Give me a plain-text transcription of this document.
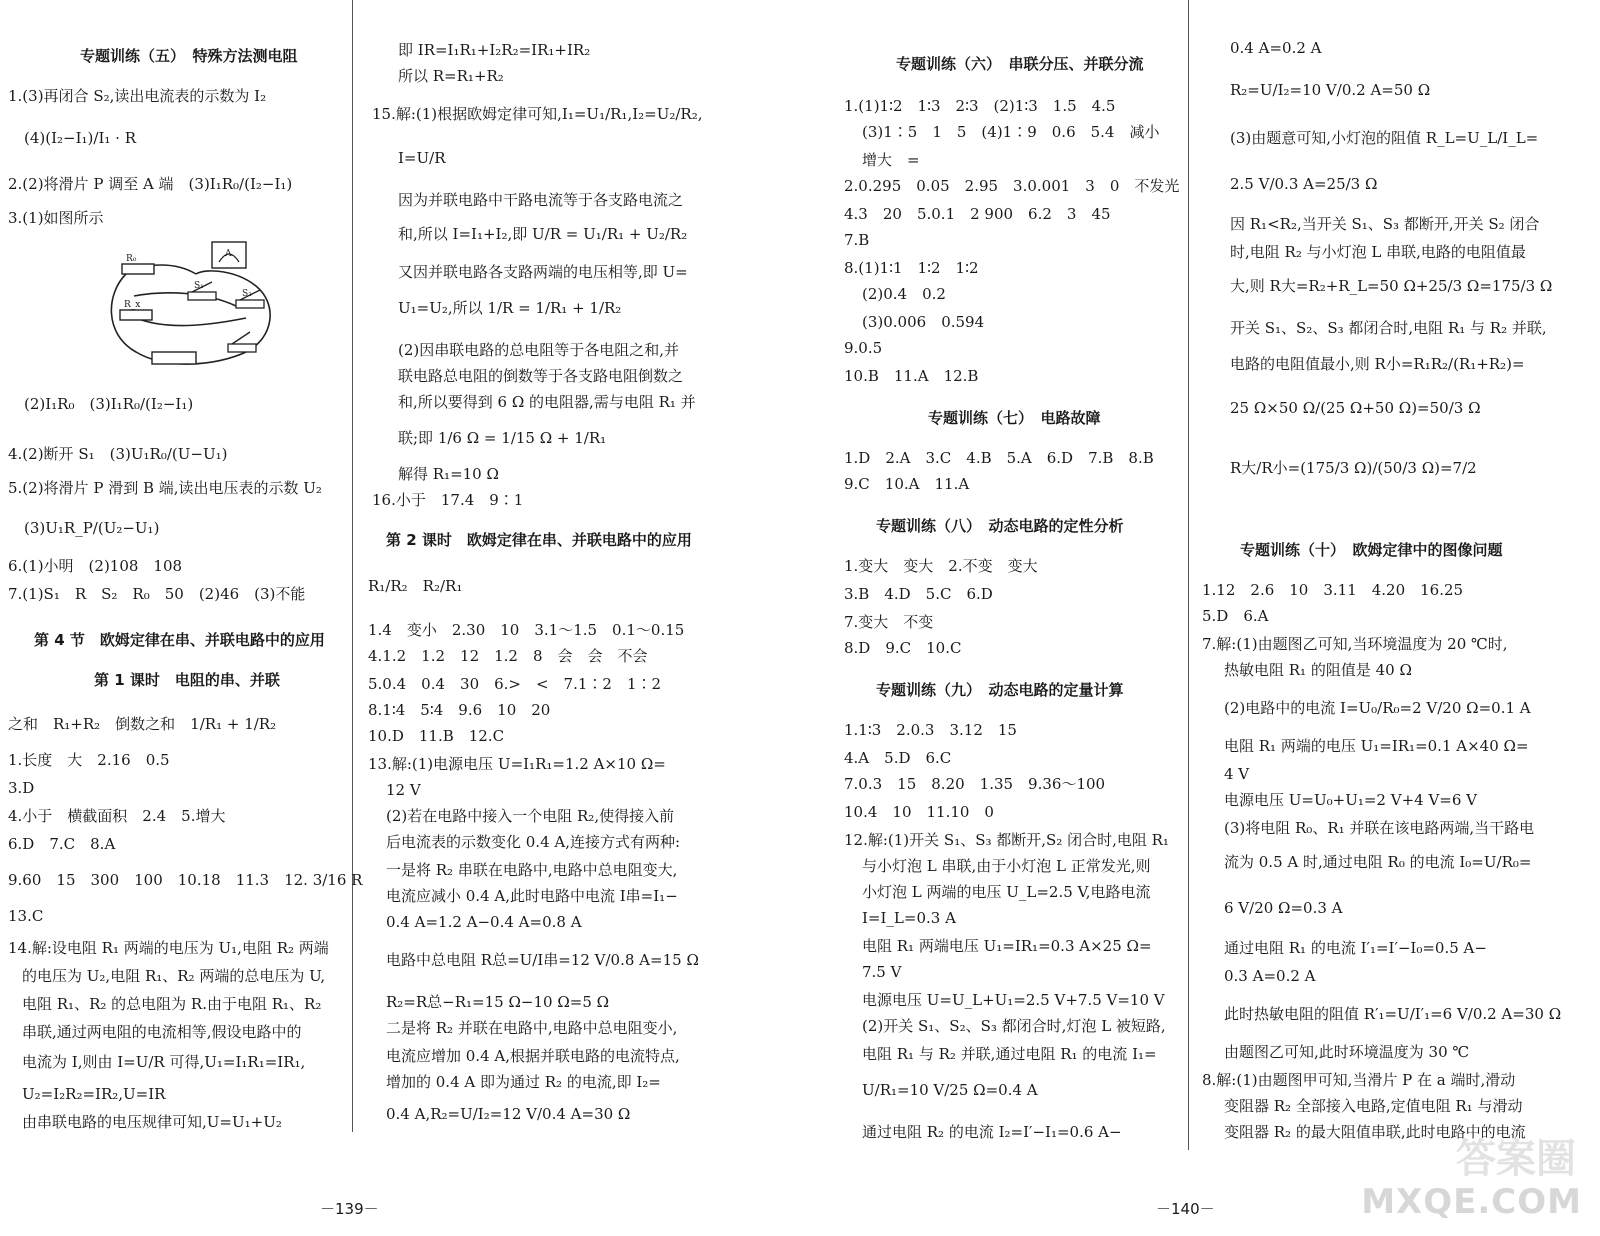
专题训练（五）　特殊方法测电阻
1.(3)再闭合 S₂,读出电流表的示数为 I₂
(4)(I₂−I₁)/I₁ · R
2.(2)将滑片 P 调至 A 端　(3)I₁R₀/(I₂−I₁)
3.(1)如图所示
R₀
R_x
S₁
S₂
A
(2)I₁R₀　(3)I₁R₀/(I₂−I₁)
4.(2)断开 S₁　(3)U₁R₀/(U−U₁)
5.(2)将滑片 P 滑到 B 端,读出电压表的示数 U₂
(3)U₁R_P/(U₂−U₁)
6.(1)小明　(2)108　108
7.(1)S₁　R　S₂　R₀　50　(2)46　(3)不能
第 4 节　欧姆定律在串、并联电路中的应用
第 1 课时　电阻的串、并联
之和　R₁+R₂　倒数之和　1/R₁ + 1/R₂
1.长度　大　2.16　0.5
3.D
4.小于　横截面积　2.4　5.增大
6.D　7.C　8.A
9.60　15　300　100　10.18　11.3　12. 3/16 R
13.C
14.解:设电阻 R₁ 两端的电压为 U₁,电阻 R₂ 两端
的电压为 U₂,电阻 R₁、R₂ 两端的总电压为 U,
电阻 R₁、R₂ 的总电阻为 R.由于电阻 R₁、R₂
串联,通过两电阻的电流相等,假设电路中的
电流为 I,则由 I=U/R 可得,U₁=I₁R₁=IR₁,
U₂=I₂R₂=IR₂,U=IR
由串联电路的电压规律可知,U=U₁+U₂
即 IR=I₁R₁+I₂R₂=IR₁+IR₂
所以 R=R₁+R₂
15.解:(1)根据欧姆定律可知,I₁=U₁/R₁,I₂=U₂/R₂,
I=U/R
因为并联电路中干路电流等于各支路电流之
和,所以 I=I₁+I₂,即 U/R = U₁/R₁ + U₂/R₂
又因并联电路各支路两端的电压相等,即 U=
U₁=U₂,所以 1/R = 1/R₁ + 1/R₂
(2)因串联电路的总电阻等于各电阻之和,并
联电路总电阻的倒数等于各支路电阻倒数之
和,所以要得到 6 Ω 的电阻器,需与电阻 R₁ 并
联;即 1/6 Ω = 1/15 Ω + 1/R₁
解得 R₁=10 Ω
16.小于　17.4　9∶1
第 2 课时　欧姆定律在串、并联电路中的应用
R₁/R₂　R₂/R₁
1.4　变小　2.30　10　3.1～1.5　0.1～0.15
4.1.2　1.2　12　1.2　8　会　会　不会
5.0.4　0.4　30　6.>　<　7.1∶2　1∶2
8.1∶4　5∶4　9.6　10　20
10.D　11.B　12.C
13.解:(1)电源电压 U=I₁R₁=1.2 A×10 Ω=
12 V
(2)若在电路中接入一个电阻 R₂,使得接入前
后电流表的示数变化 0.4 A,连接方式有两种:
一是将 R₂ 串联在电路中,电路中总电阻变大,
电流应减小 0.4 A,此时电路中电流 I串=I₁−
0.4 A=1.2 A−0.4 A=0.8 A
电路中总电阻 R总=U/I串=12 V/0.8 A=15 Ω
R₂=R总−R₁=15 Ω−10 Ω=5 Ω
二是将 R₂ 并联在电路中,电路中总电阻变小,
电流应增加 0.4 A,根据并联电路的电流特点,
增加的 0.4 A 即为通过 R₂ 的电流,即 I₂=
0.4 A,R₂=U/I₂=12 V/0.4 A=30 Ω
专题训练（六）　串联分压、并联分流
1.(1)1∶2　1∶3　2∶3　(2)1∶3　1.5　4.5
(3)1∶5　1　5　(4)1∶9　0.6　5.4　减小
增大　=
2.0.295　0.05　2.95　3.0.001　3　0　不发光
4.3　20　5.0.1　2 900　6.2　3　45
7.B
8.(1)1∶1　1∶2　1∶2
(2)0.4　0.2
(3)0.006　0.594
9.0.5
10.B　11.A　12.B
专题训练（七）　电路故障
1.D　2.A　3.C　4.B　5.A　6.D　7.B　8.B
9.C　10.A　11.A
专题训练（八）　动态电路的定性分析
1.变大　变大　2.不变　变大
3.B　4.D　5.C　6.D
7.变大　不变
8.D　9.C　10.C
专题训练（九）　动态电路的定量计算
1.1∶3　2.0.3　3.12　15
4.A　5.D　6.C
7.0.3　15　8.20　1.35　9.36～100
10.4　10　11.10　0
12.解:(1)开关 S₁、S₃ 都断开,S₂ 闭合时,电阻 R₁
与小灯泡 L 串联,由于小灯泡 L 正常发光,则
小灯泡 L 两端的电压 U_L=2.5 V,电路电流
I=I_L=0.3 A
电阻 R₁ 两端电压 U₁=IR₁=0.3 A×25 Ω=
7.5 V
电源电压 U=U_L+U₁=2.5 V+7.5 V=10 V
(2)开关 S₁、S₂、S₃ 都闭合时,灯泡 L 被短路,
电阻 R₁ 与 R₂ 并联,通过电阻 R₁ 的电流 I₁=
U/R₁=10 V/25 Ω=0.4 A
通过电阻 R₂ 的电流 I₂=I′−I₁=0.6 A−
0.4 A=0.2 A
R₂=U/I₂=10 V/0.2 A=50 Ω
(3)由题意可知,小灯泡的阻值 R_L=U_L/I_L=
2.5 V/0.3 A=25/3 Ω
因 R₁<R₂,当开关 S₁、S₃ 都断开,开关 S₂ 闭合
时,电阻 R₂ 与小灯泡 L 串联,电路的电阻值最
大,则 R大=R₂+R_L=50 Ω+25/3 Ω=175/3 Ω
开关 S₁、S₂、S₃ 都闭合时,电阻 R₁ 与 R₂ 并联,
电路的电阻值最小,则 R小=R₁R₂/(R₁+R₂)=
25 Ω×50 Ω/(25 Ω+50 Ω)=50/3 Ω
R大/R小=(175/3 Ω)/(50/3 Ω)=7/2
专题训练（十）　欧姆定律中的图像问题
1.12　2.6　10　3.11　4.20　16.25
5.D　6.A
7.解:(1)由题图乙可知,当环境温度为 20 ℃时,
热敏电阻 R₁ 的阻值是 40 Ω
(2)电路中的电流 I=U₀/R₀=2 V/20 Ω=0.1 A
电阻 R₁ 两端的电压 U₁=IR₁=0.1 A×40 Ω=
4 V
电源电压 U=U₀+U₁=2 V+4 V=6 V
(3)将电阻 R₀、R₁ 并联在该电路两端,当干路电
流为 0.5 A 时,通过电阻 R₀ 的电流 I₀=U/R₀=
6 V/20 Ω=0.3 A
通过电阻 R₁ 的电流 I′₁=I′−I₀=0.5 A−
0.3 A=0.2 A
此时热敏电阻的阻值 R′₁=U/I′₁=6 V/0.2 A=30 Ω
由题图乙可知,此时环境温度为 30 ℃
8.解:(1)由题图甲可知,当滑片 P 在 a 端时,滑动
变阻器 R₂ 全部接入电路,定值电阻 R₁ 与滑动
变阻器 R₂ 的最大阻值串联,此时电路中的电流
－139－	－140－
答案圈
MXQE.COM
